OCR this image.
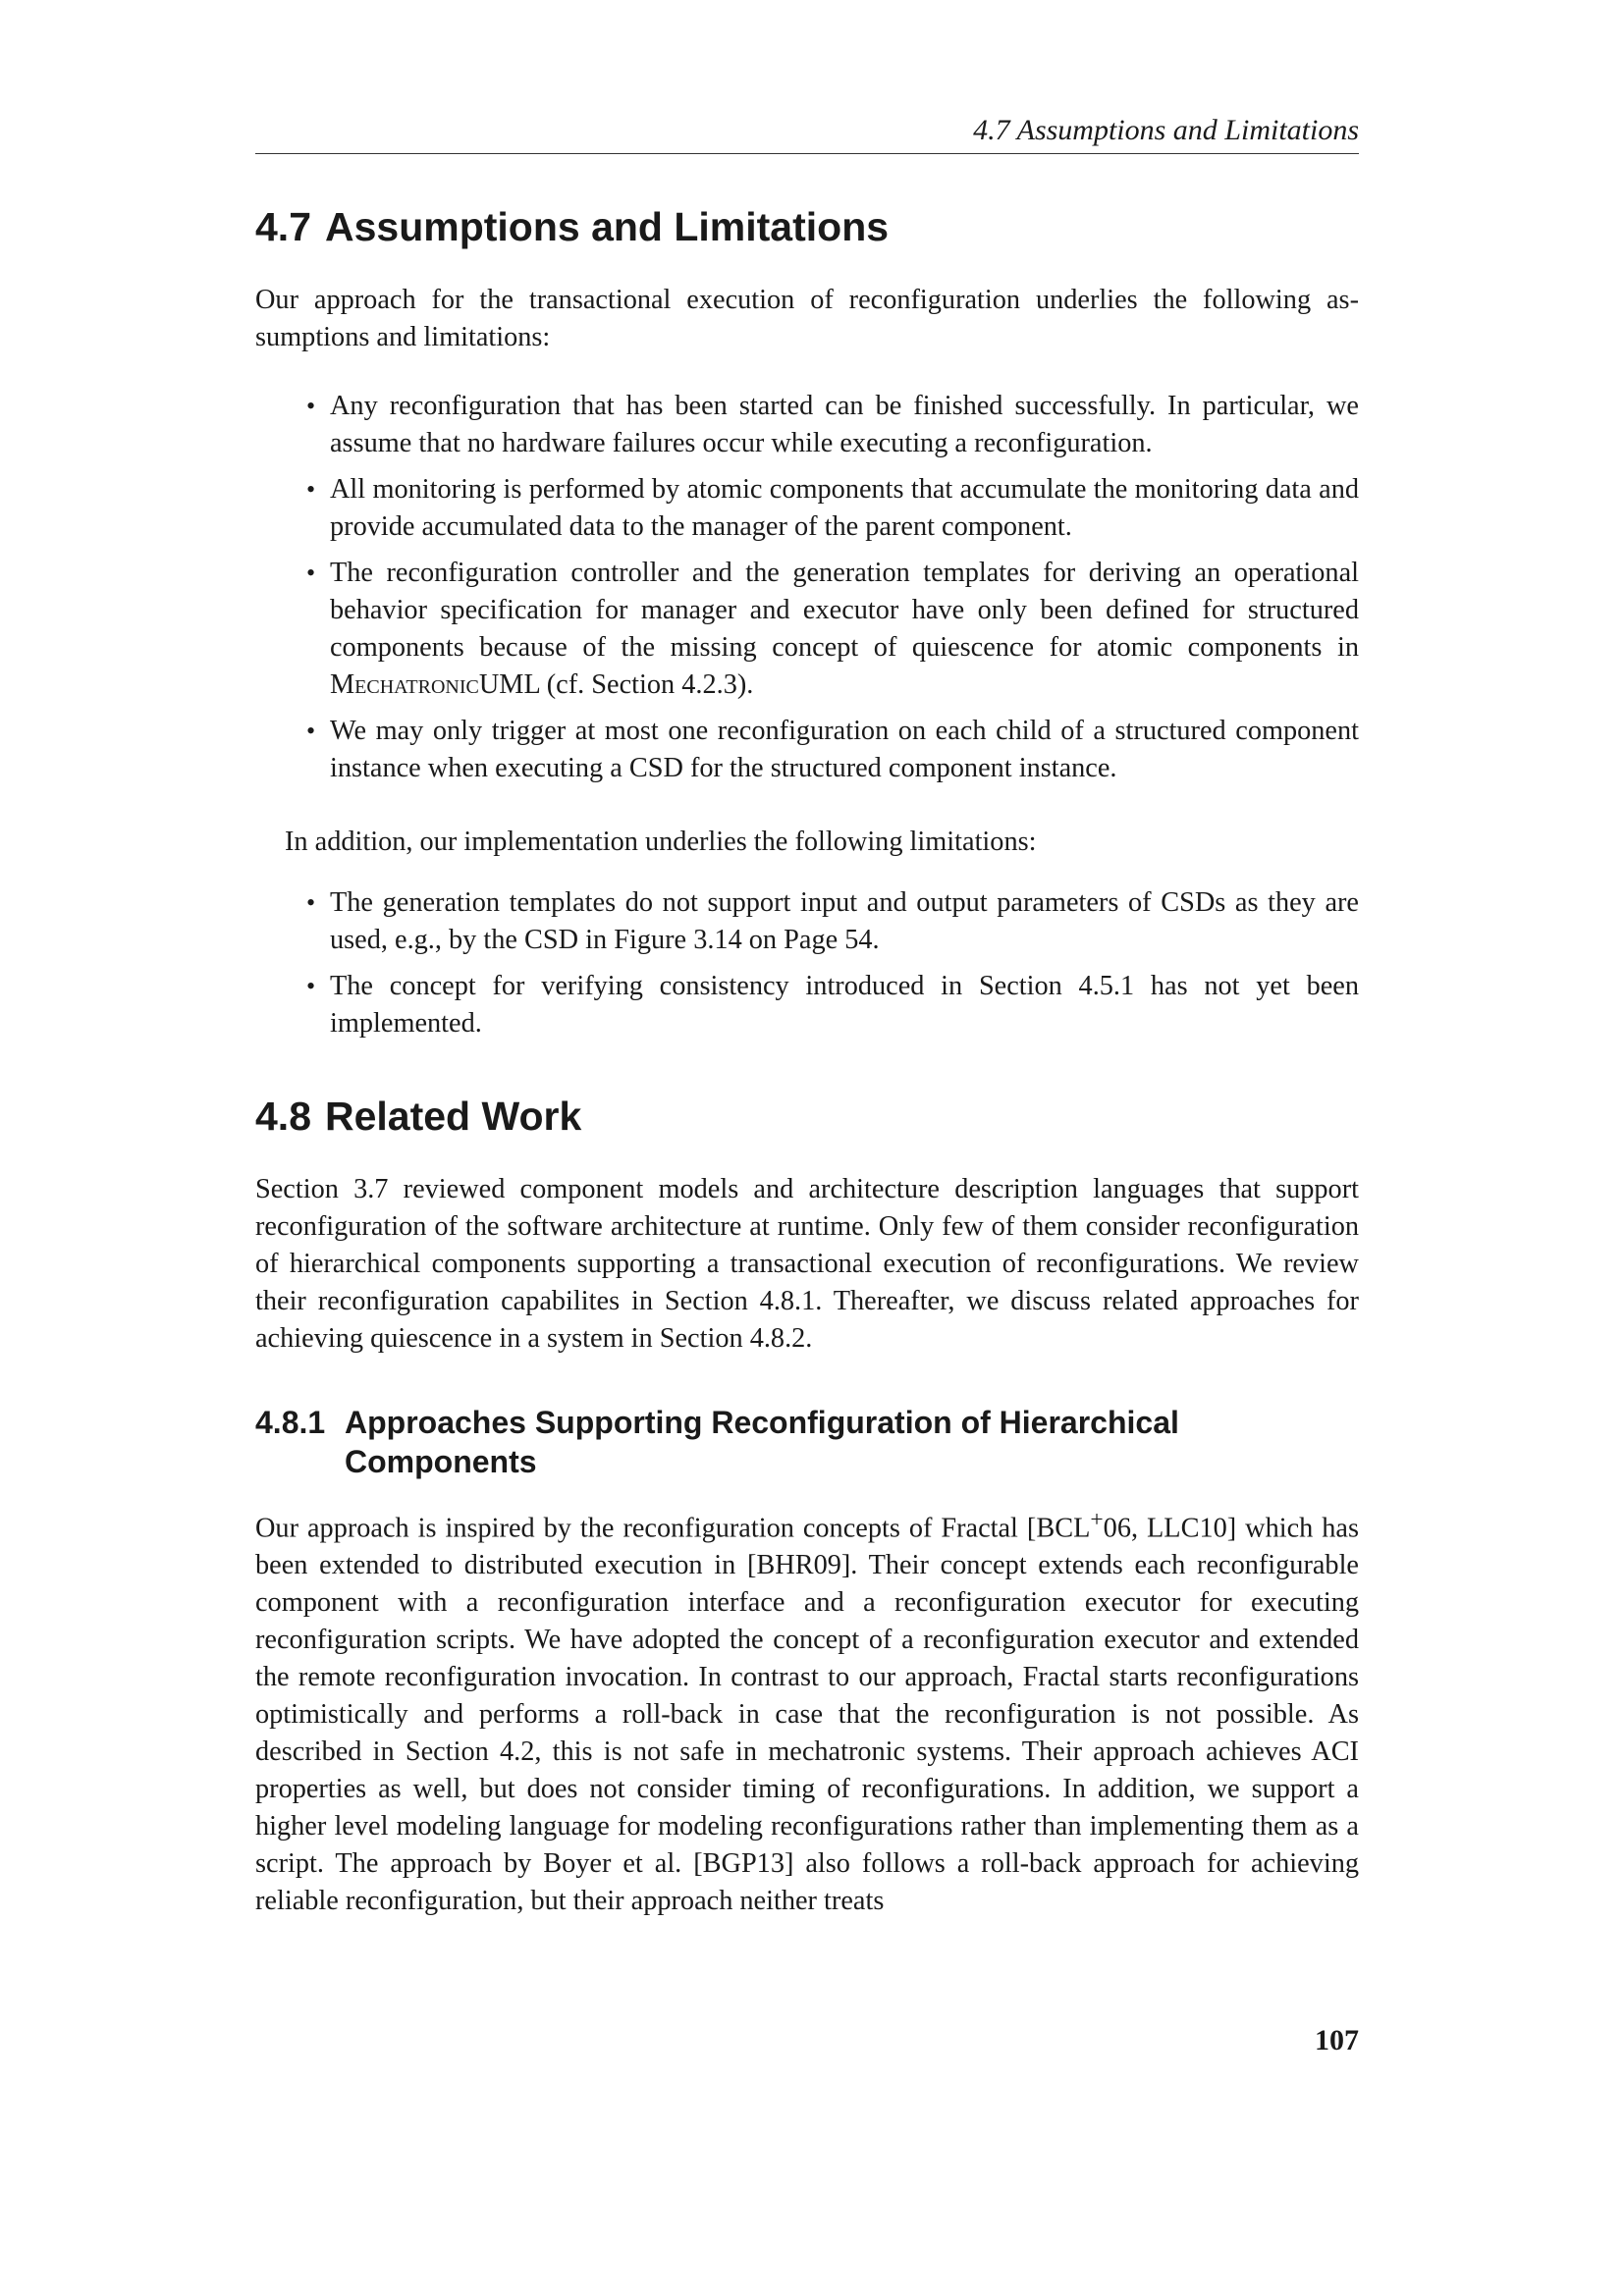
4.7 Assumptions and Limitations
4.7 Assumptions and Limitations

Our approach for the transactional execution of reconfiguration underlies the following assumptions and limitations:

• Any reconfiguration that has been started can be finished successfully. In particular, we assume that no hardware failures occur while executing a reconfiguration.
• All monitoring is performed by atomic components that accumulate the monitoring data and provide accumulated data to the manager of the parent component.
• The reconfiguration controller and the generation templates for deriving an operational behavior specification for manager and executor have only been defined for structured components because of the missing concept of quiescence for atomic components in MechatronicUML (cf. Section 4.2.3).
• We may only trigger at most one reconfiguration on each child of a structured component instance when executing a CSD for the structured component instance.

In addition, our implementation underlies the following limitations:

• The generation templates do not support input and output parameters of CSDs as they are used, e.g., by the CSD in Figure 3.14 on Page 54.
• The concept for verifying consistency introduced in Section 4.5.1 has not yet been implemented.
4.8 Related Work

Section 3.7 reviewed component models and architecture description languages that support reconfiguration of the software architecture at runtime. Only few of them consider reconfiguration of hierarchical components supporting a transactional execution of reconfigurations. We review their reconfiguration capabilites in Section 4.8.1. Thereafter, we discuss related approaches for achieving quiescence in a system in Section 4.8.2.

4.8.1 Approaches Supporting Reconfiguration of Hierarchical Components

Our approach is inspired by the reconfiguration concepts of Fractal [BCL+06, LLC10] which has been extended to distributed execution in [BHR09]. Their concept extends each reconfigurable component with a reconfiguration interface and a reconfiguration executor for executing reconfiguration scripts. We have adopted the concept of a reconfiguration executor and extended the remote reconfiguration invocation. In contrast to our approach, Fractal starts reconfigurations optimistically and performs a roll-back in case that the reconfiguration is not possible. As described in Section 4.2, this is not safe in mechatronic systems. Their approach achieves ACI properties as well, but does not consider timing of reconfigurations. In addition, we support a higher level modeling language for modeling reconfigurations rather than implementing them as a script. The approach by Boyer et al. [BGP13] also follows a roll-back approach for achieving reliable reconfiguration, but their approach neither treats

107
